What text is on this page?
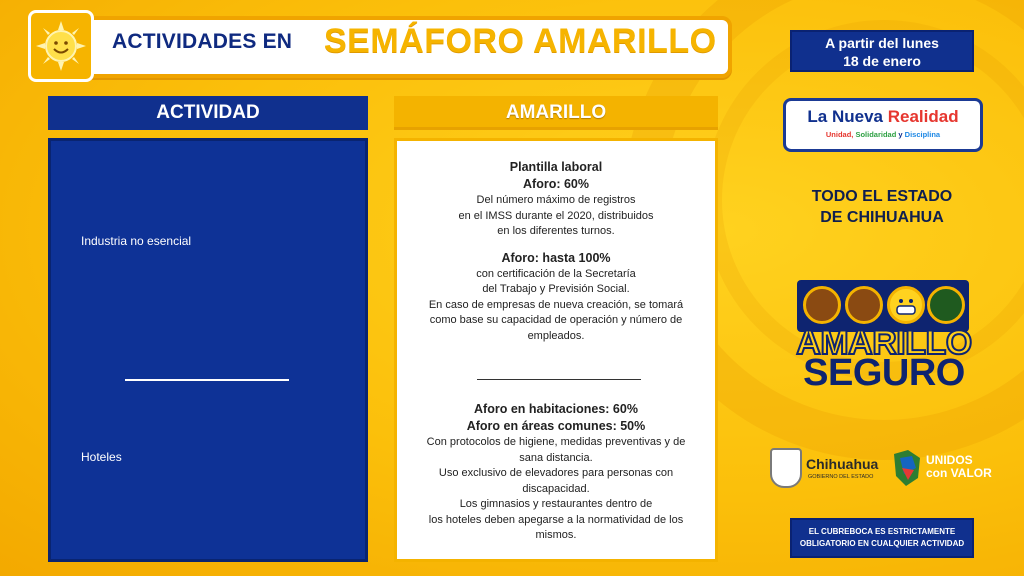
ACTIVIDADES EN SEMÁFORO AMARILLO	A partir del lunes
18 de enero
ACTIVIDAD	AMARILLO
Industria no esencial
Hoteles
Plantilla laboral
Aforo: 60%
Del número máximo de registros
en el IMSS durante el 2020, distribuidos
en los diferentes turnos.
Aforo: hasta 100%
con certificación de la Secretaría
del Trabajo y Previsión Social.
En caso de empresas de nueva creación, se tomará
como base su capacidad de operación y número de
empleados.
Aforo en habitaciones: 60%
Aforo en áreas comunes: 50%
Con protocolos de higiene, medidas preventivas y de
sana distancia.
Uso exclusivo de elevadores para personas con
discapacidad.
Los gimnasios y restaurantes dentro de
los hoteles deben apegarse a la normatividad de los
mismos.
La Nueva Realidad
Unidad, Solidaridad y Disciplina
TODO EL ESTADO
DE CHIHUAHUA
AMARILLO
SEGURO
Chihuahua
GOBIERNO DEL ESTADO
UNIDOS
con VALOR
EL CUBREBOCA ES ESTRICTAMENTE
OBLIGATORIO EN CUALQUIER ACTIVIDAD
